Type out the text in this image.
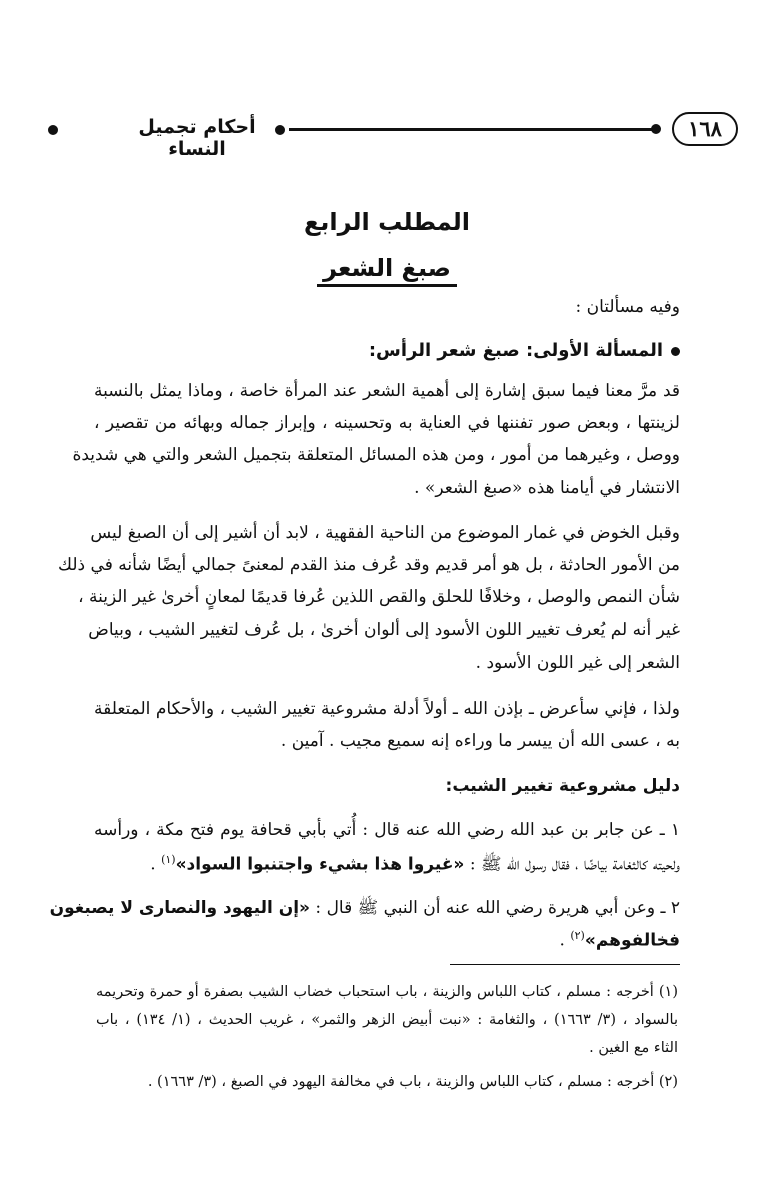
أحكام تجميل النساء
١٦٨
المطلب الرابع
صبغ الشعر
وفيه مسألتان :
المسألة الأولى: صبغ شعر الرأس:
قد مرَّ معنا فيما سبق إشارة إلى أهمية الشعر عند المرأة خاصة ، وماذا يمثل بالنسبة
لزينتها ، وبعض صور تفننها في العناية به وتحسينه ، وإبراز جماله وبهائه من تقصير ،
ووصل ، وغيرهما من أمور ، ومن هذه المسائل المتعلقة بتجميل الشعر والتي هي شديدة
الانتشار في أيامنا هذه «صبغ الشعر» .
وقبل الخوض في غمار الموضوع من الناحية الفقهية ، لابد أن أشير إلى أن الصبغ ليس
من الأمور الحادثة ، بل هو أمر قديم وقد عُرف منذ القدم لمعنىً جمالي أيضًا شأنه في ذلك
شأن النمص والوصل ، وخلافًا للحلق والقص اللذين عُرفا قديمًا لمعانٍ أخرىٰ غير الزينة ،
غير أنه لم يُعرف تغيير اللون الأسود إلى ألوان أخرىٰ ، بل عُرف لتغيير الشيب ، وبياض
الشعر إلى غير اللون الأسود .
ولذا ، فإني سأعرض ـ بإذن الله ـ أولاً أدلة مشروعية تغيير الشيب ، والأحكام المتعلقة
به ، عسى الله أن ييسر ما وراءه إنه سميع مجيب . آمين .
دليل مشروعية تغيير الشيب:
١ ـ عن جابر بن عبد الله رضي الله عنه قال : أُتي بأبي قحافة يوم فتح مكة ، ورأسه
ولحيته كالثغامة بياضًا ، فقال رسول الله ﷺ : «غيروا هذا بشيء واجتنبوا السواد»$^{(١)}$ .
٢ ـ وعن أبي هريرة رضي الله عنه أن النبي ﷺ قال : «إن اليهود والنصارى لا يصبغون
فخالفوهم»$^{(٢)}$ .
(١) أخرجه : مسلم ، كتاب اللباس والزينة ، باب استحباب خضاب الشيب بصفرة أو حمرة وتحريمه
بالسواد ، (٣/ ١٦٦٣) ، والثغامة : «نبت أبيض الزهر والثمر» ، غريب الحديث ، (١/ ١٣٤) ، باب
الثاء مع الغين .
(٢) أخرجه : مسلم ، كتاب اللباس والزينة ، باب في مخالفة اليهود في الصبغ ، (٣/ ١٦٦٣) .
